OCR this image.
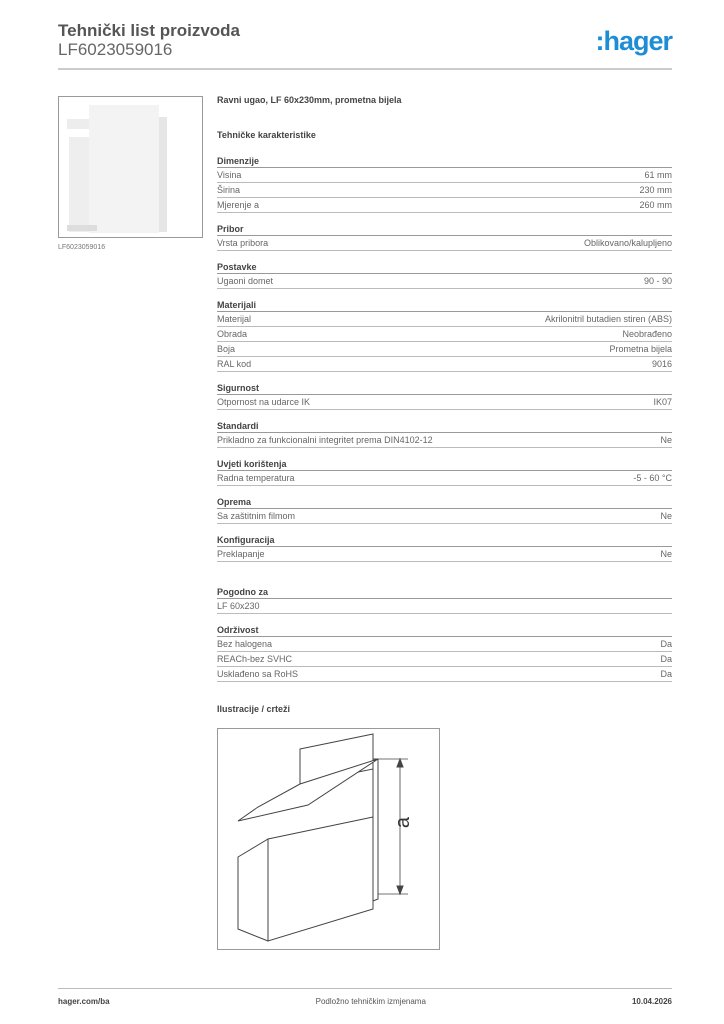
Tehnički list proizvoda
LF6023059016	:hager
LF6023059016
Ravni ugao, LF 60x230mm, prometna bijela
Tehničke karakteristike
Dimenzije
Visina	61 mm
Širina	230 mm
Mjerenje a	260 mm
Pribor
Vrsta pribora	Oblikovano/kalupljeno
Postavke
Ugaoni domet	90 - 90
Materijali
Materijal	Akrilonitril butadien stiren (ABS)
Obrada	Neobrađeno
Boja	Prometna bijela
RAL kod	9016
Sigurnost
Otpornost na udarce IK	IK07
Standardi
Prikladno za funkcionalni integritet prema DIN4102-12	Ne
Uvjeti korištenja
Radna temperatura	-5 - 60 °C
Oprema
Sa zaštitnim filmom	Ne
Konfiguracija
Preklapanje	Ne
Pogodno za
LF 60x230
Održivost
Bez halogena	Da
REACh-bez SVHC	Da
Usklađeno sa RoHS	Da
Ilustracije / crteži
a
hager.com/ba	Podložno tehničkim izmjenama	10.04.2026
